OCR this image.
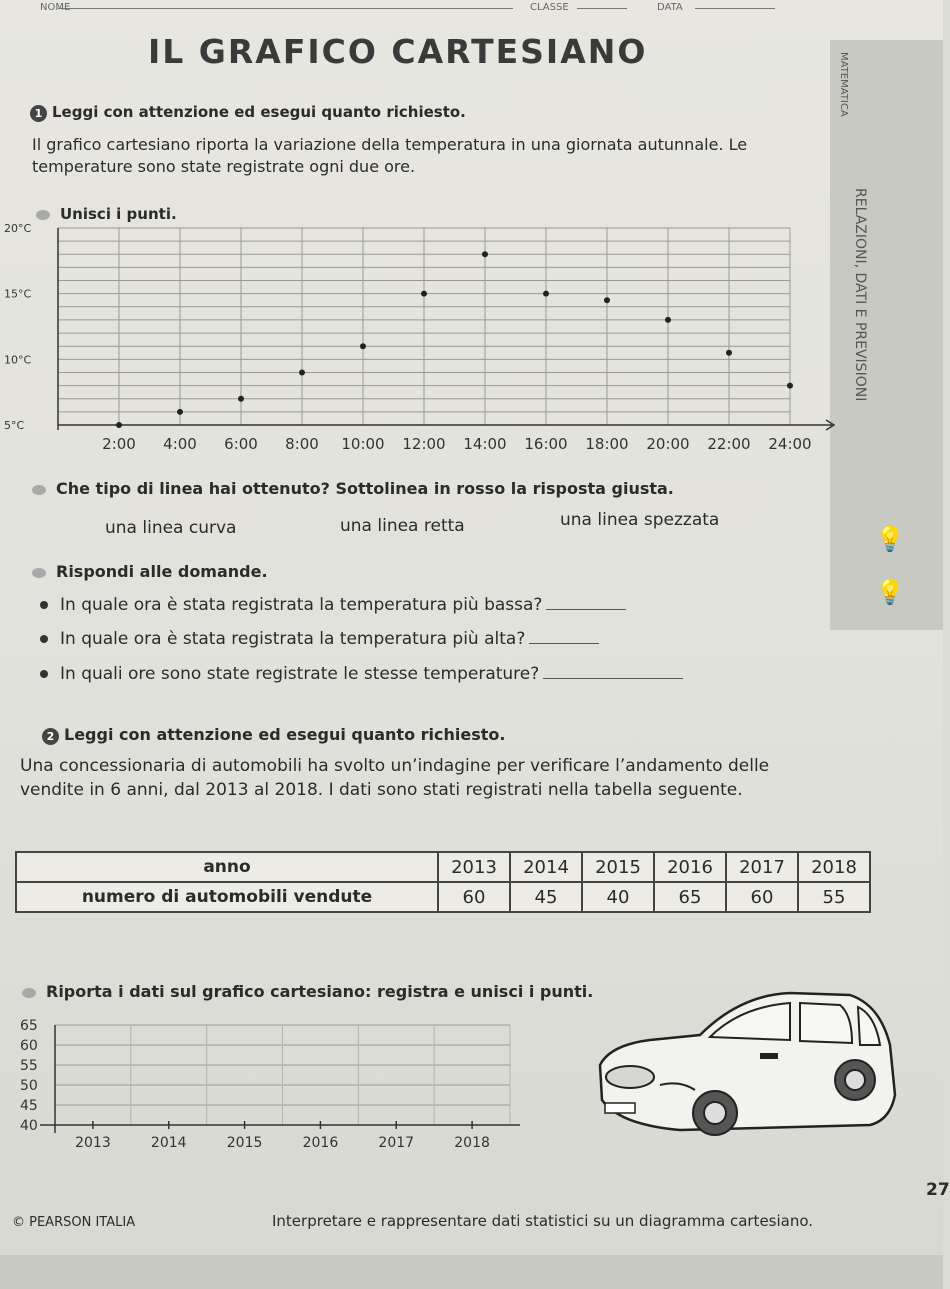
NOME	CLASSE	DATA
IL GRAFICO CARTESIANO
MATEMATICA
RELAZIONI, DATI E PREVISIONI
💡
💡
1 Leggi con attenzione ed esegui quanto richiesto.
Il grafico cartesiano riporta la variazione della temperatura in una giornata autunnale. Le temperature sono state registrate ogni due ore.
Unisci i punti.
5°C
10°C
15°C
20°C
2:00 4:00 6:00 8:00 10:00 12:00 14:00 16:00 18:00 20:00 22:00 24:00
Che tipo di linea hai ottenuto? Sottolinea in rosso la risposta giusta.
una linea curva	una linea retta	una linea spezzata
Rispondi alle domande.
In quale ora è stata registrata la temperatura più bassa?
In quale ora è stata registrata la temperatura più alta?
In quali ore sono state registrate le stesse temperature?
2 Leggi con attenzione ed esegui quanto richiesto.
Una concessionaria di automobili ha svolto un’indagine per verificare l’andamento delle vendite in 6 anni, dal 2013 al 2018. I dati sono stati registrati nella tabella seguente.
anno	2013	2014	2015	2016	2017	2018
numero di automobili vendute	60	45	40	65	60	55
Riporta i dati sul grafico cartesiano: registra e unisci i punti.
40
45
50
55
60
65
2013	2014	2015	2016	2017	2018
© PEARSON ITALIA	Interpretare e rappresentare dati statistici su un diagramma cartesiano.
27
